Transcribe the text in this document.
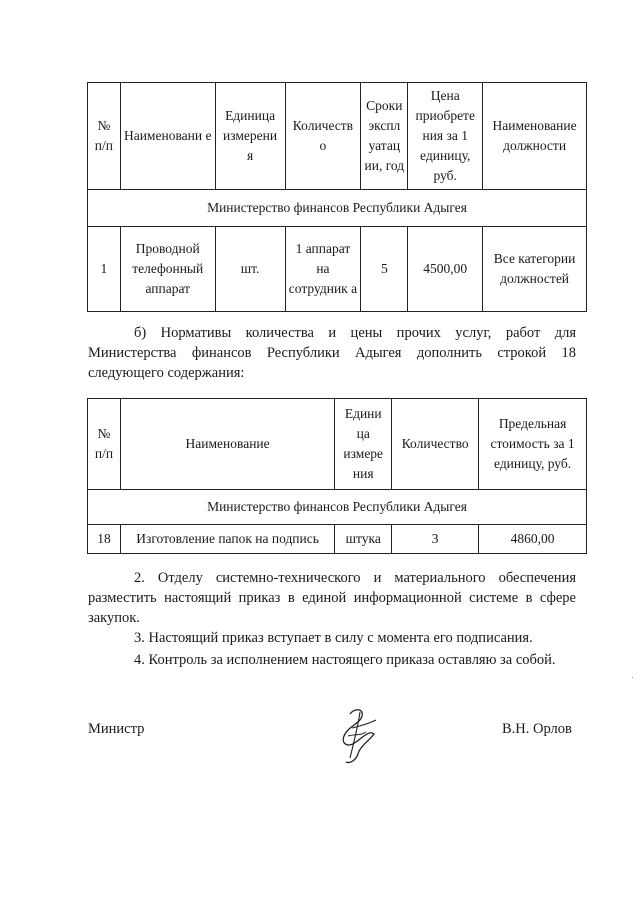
№ п/п	Наименовани е	Единица измерени я	Количеств о	Сроки экспл уатац ии, год	Цена приобрете ния за 1 единицу, руб.	Наименование должности

Министерство финансов Республики Адыгея						

1	Проводной телефонный аппарат	шт.	1 аппарат на сотрудник а	5	4500,00	Все категории должностей
б) Нормативы количества и цены прочих услуг, работ для Министерства финансов Республики Адыгея дополнить строкой 18 следующего содержания:
№ п/п	Наименование	Едини ца измере ния	Количество	Предельная стоимость за 1 единицу, руб.

Министерство финансов Республики Адыгея				

18	Изготовление папок на подпись	штука	3	4860,00
2. Отделу системно-технического и материального обеспечения разместить настоящий приказ в единой информационной системе в сфере закупок.
3. Настоящий приказ вступает в силу с момента его подписания.
4. Контроль за исполнением настоящего приказа оставляю за собой.
Министр	В.Н. Орлов
